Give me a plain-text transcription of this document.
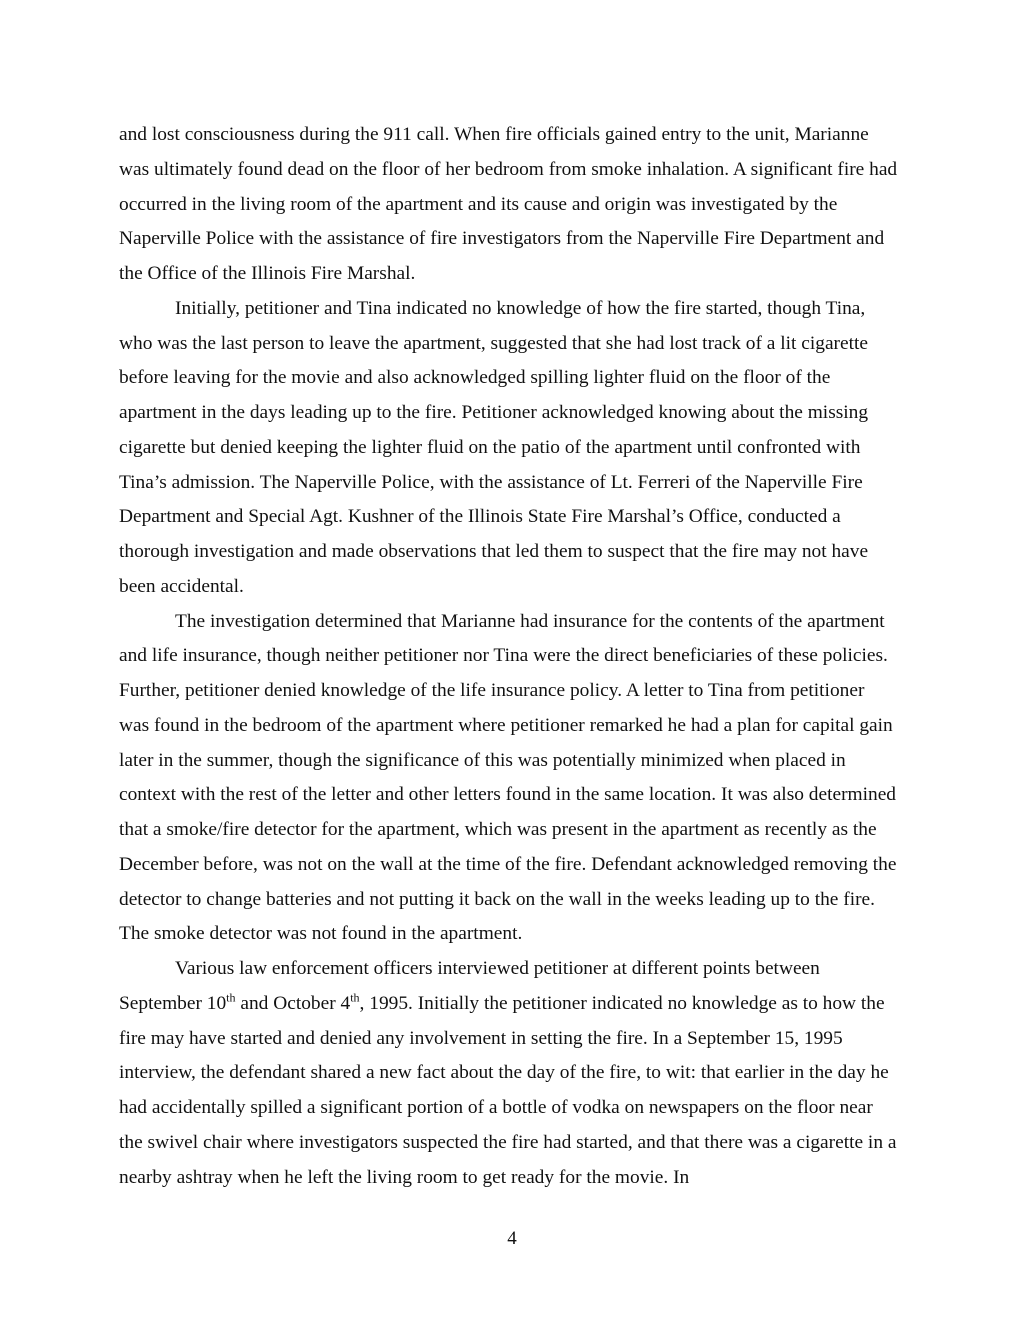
and lost consciousness during the 911 call. When fire officials gained entry to the unit, Marianne was ultimately found dead on the floor of her bedroom from smoke inhalation. A significant fire had occurred in the living room of the apartment and its cause and origin was investigated by the Naperville Police with the assistance of fire investigators from the Naperville Fire Department and the Office of the Illinois Fire Marshal.

Initially, petitioner and Tina indicated no knowledge of how the fire started, though Tina, who was the last person to leave the apartment, suggested that she had lost track of a lit cigarette before leaving for the movie and also acknowledged spilling lighter fluid on the floor of the apartment in the days leading up to the fire. Petitioner acknowledged knowing about the missing cigarette but denied keeping the lighter fluid on the patio of the apartment until confronted with Tina’s admission. The Naperville Police, with the assistance of Lt. Ferreri of the Naperville Fire Department and Special Agt. Kushner of the Illinois State Fire Marshal’s Office, conducted a thorough investigation and made observations that led them to suspect that the fire may not have been accidental.

The investigation determined that Marianne had insurance for the contents of the apartment and life insurance, though neither petitioner nor Tina were the direct beneficiaries of these policies. Further, petitioner denied knowledge of the life insurance policy. A letter to Tina from petitioner was found in the bedroom of the apartment where petitioner remarked he had a plan for capital gain later in the summer, though the significance of this was potentially minimized when placed in context with the rest of the letter and other letters found in the same location. It was also determined that a smoke/fire detector for the apartment, which was present in the apartment as recently as the December before, was not on the wall at the time of the fire. Defendant acknowledged removing the detector to change batteries and not putting it back on the wall in the weeks leading up to the fire. The smoke detector was not found in the apartment.

Various law enforcement officers interviewed petitioner at different points between September 10th and October 4th, 1995. Initially the petitioner indicated no knowledge as to how the fire may have started and denied any involvement in setting the fire. In a September 15, 1995 interview, the defendant shared a new fact about the day of the fire, to wit: that earlier in the day he had accidentally spilled a significant portion of a bottle of vodka on newspapers on the floor near the swivel chair where investigators suspected the fire had started, and that there was a cigarette in a nearby ashtray when he left the living room to get ready for the movie. In

4
